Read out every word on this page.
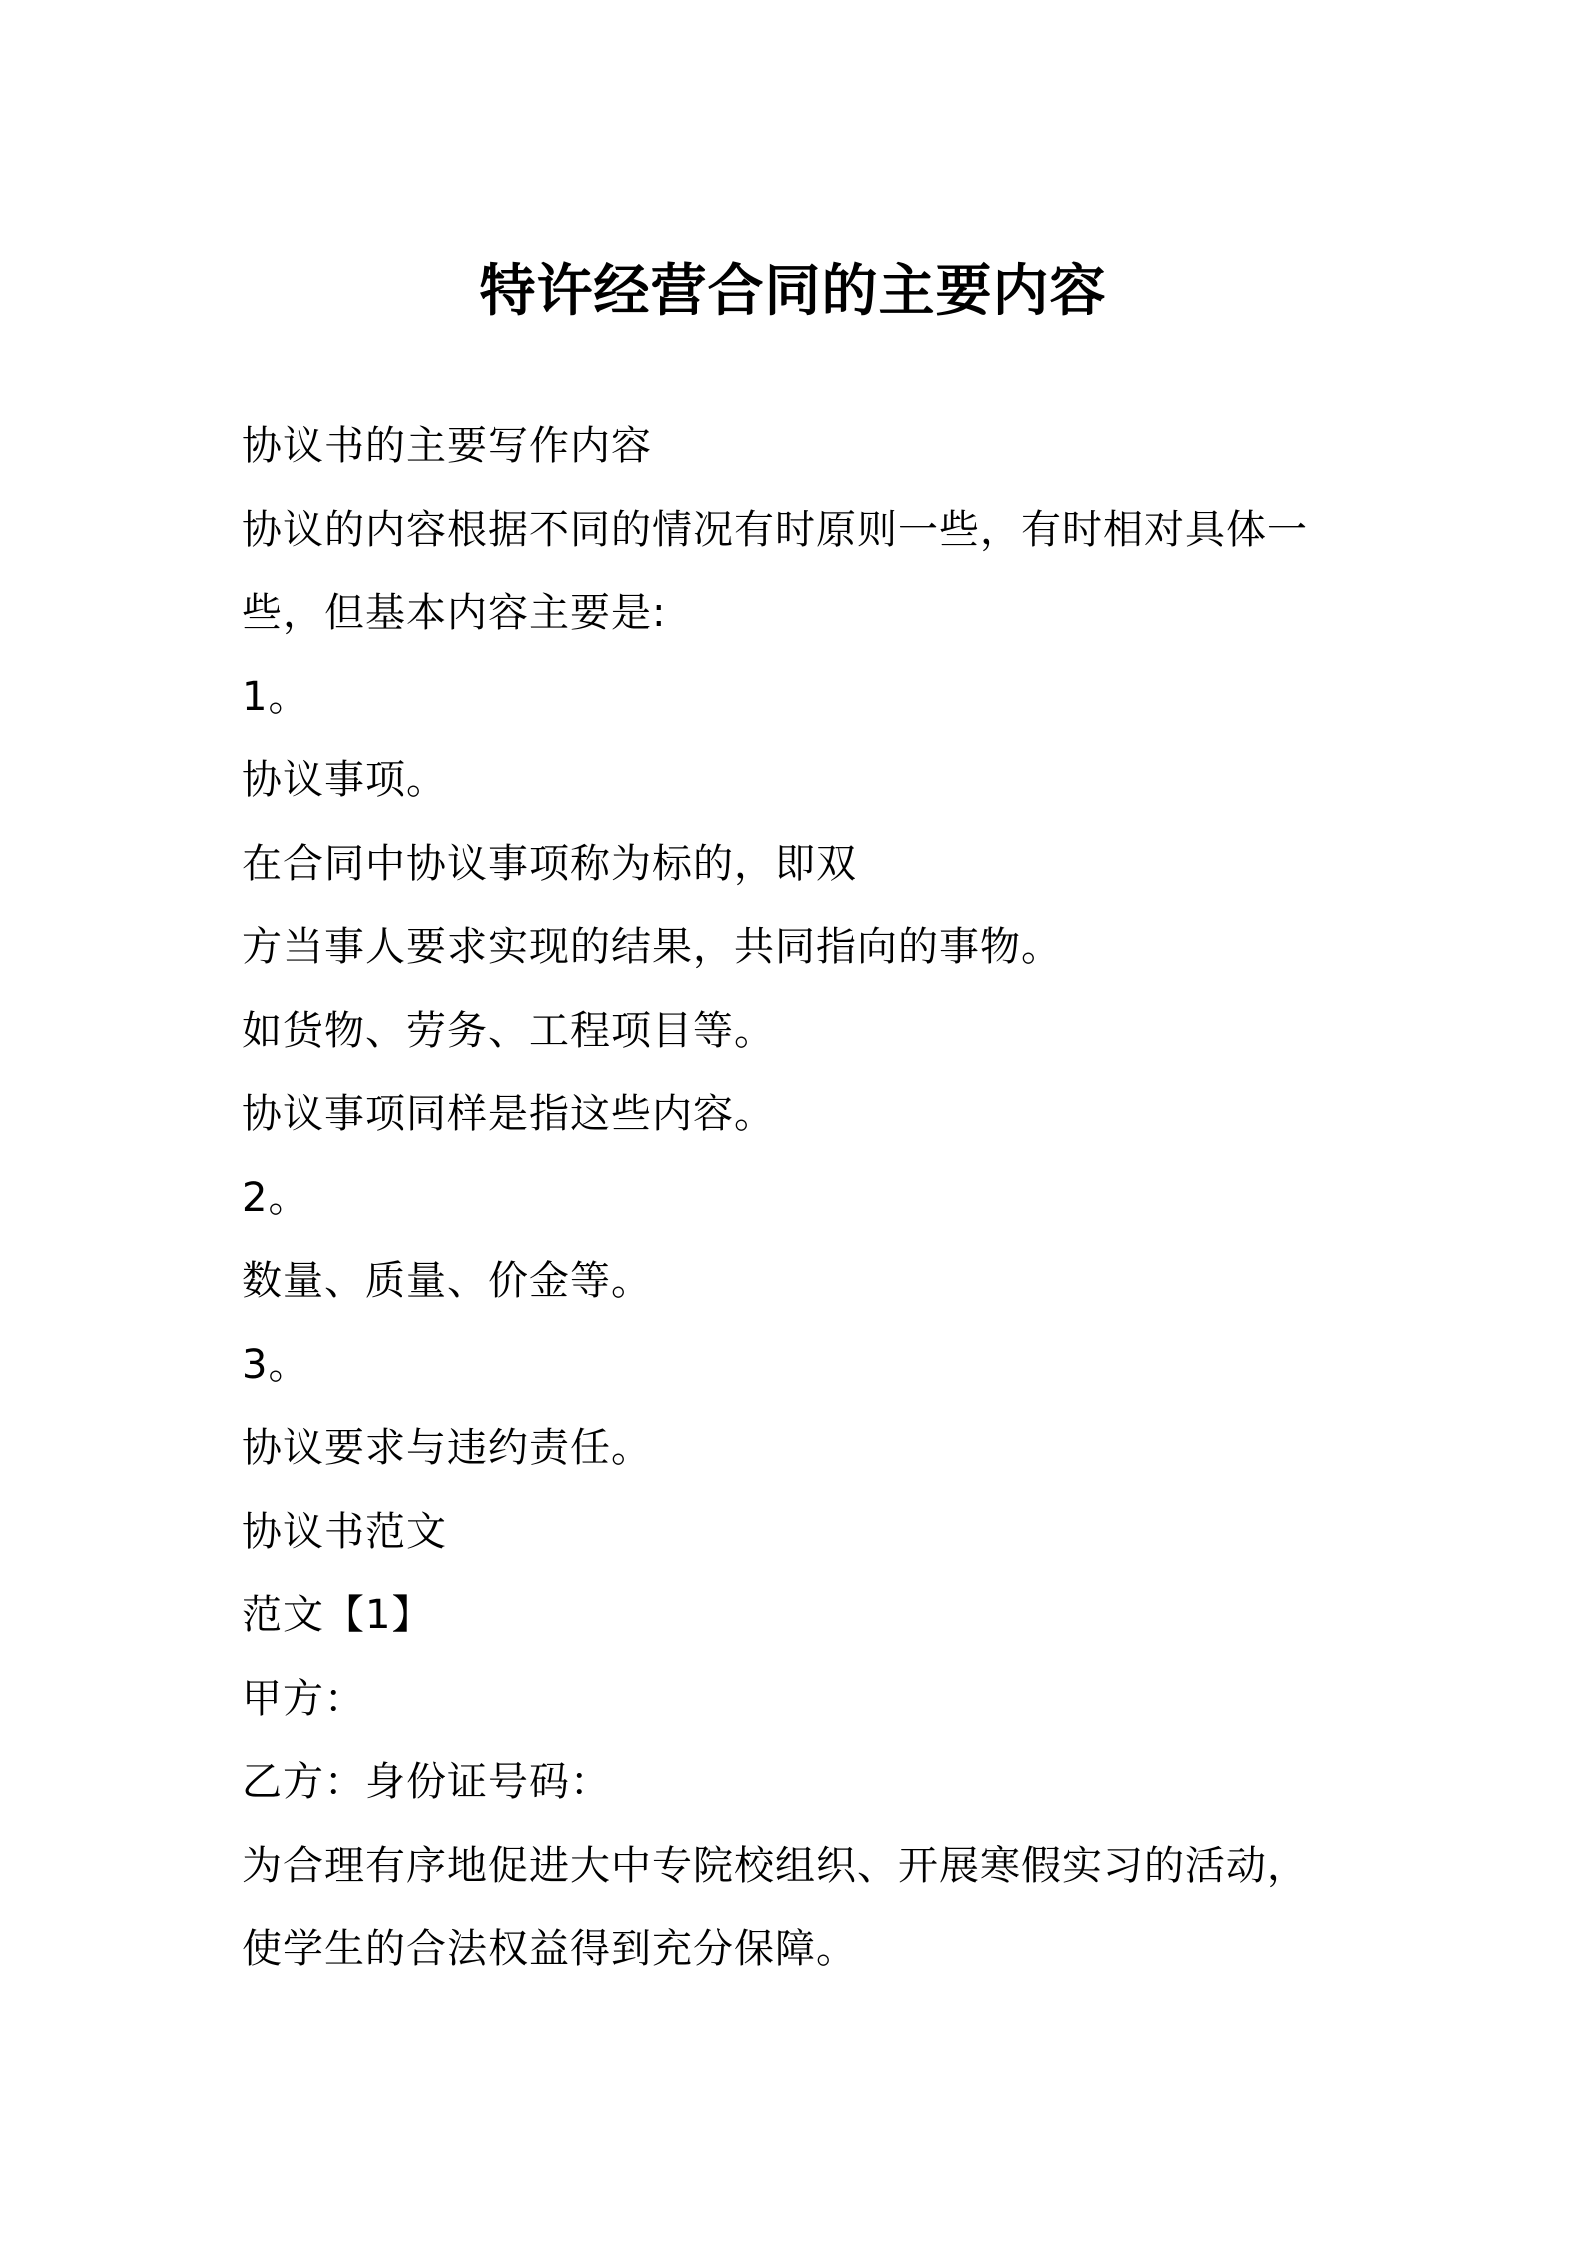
特许经营合同的主要内容
协议书的主要写作内容
协议的内容根据不同的情况有时原则一些，有时相对具体一
些，但基本内容主要是:
1。
协议事项。
在合同中协议事项称为标的，即双
方当事人要求实现的结果，共同指向的事物。
如货物、劳务、工程项目等。
协议事项同样是指这些内容。
2。
数量、质量、价金等。
3。
协议要求与违约责任。
协议书范文
范文【1】
甲方：
乙方：身份证号码：
为合理有序地促进大中专院校组织、开展寒假实习的活动，
使学生的合法权益得到充分保障。
